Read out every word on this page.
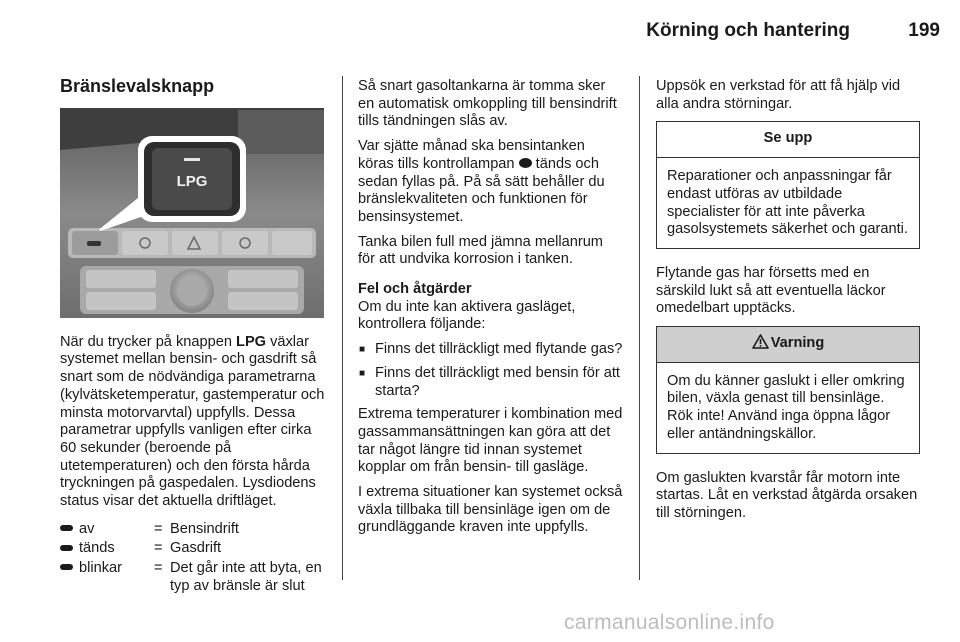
Körning och hantering	199
Bränslevalsknapp
LPG

När du trycker på knappen LPG växlar systemet mellan bensin- och gasdrift så snart som de nödvändiga parametrarna (kylvätsketemperatur, gastemperatur och minsta motorvarvtal) uppfylls. Dessa parametrar uppfylls vanligen efter cirka 60 sekunder (beroende på utetemperaturen) och den första hårda tryckningen på gaspedalen. Lysdiodens status visar det aktuella driftläget.

av	=	Bensindrift
tänds	=	Gasdrift
blinkar	=	Det går inte att byta, en typ av bränsle är slut

Så snart gasoltankarna är tomma sker en automatisk omkoppling till bensindrift tills tändningen slås av.

Var sjätte månad ska bensintanken köras tills kontrollampan  tänds och sedan fyllas på. På så sätt behåller du bränslekvaliteten och funktionen för bensinsystemet.

Tanka bilen full med jämna mellanrum för att undvika korrosion i tanken.

Fel och åtgärder
Om du inte kan aktivera gasläget, kontrollera följande:

■ Finns det tillräckligt med flytande gas?
■ Finns det tillräckligt med bensin för att starta?

Extrema temperaturer i kombination med gassammansättningen kan göra att det tar något längre tid innan systemet kopplar om från bensin- till gasläge.

I extrema situationer kan systemet också växla tillbaka till bensinläge igen om de grundläggande kraven inte uppfylls.

Uppsök en verkstad för att få hjälp vid alla andra störningar.

Se upp
Reparationer och anpassningar får endast utföras av utbildade specialister för att inte påverka gasolsystemets säkerhet och garanti.

Flytande gas har försetts med en särskild lukt så att eventuella läckor omedelbart upptäcks.

Varning
Om du känner gaslukt i eller omkring bilen, växla genast till bensinläge. Rök inte! Använd inga öppna lågor eller antändningskällor.

Om gaslukten kvarstår får motorn inte startas. Låt en verkstad åtgärda orsaken till störningen.

carmanualsonline.info
